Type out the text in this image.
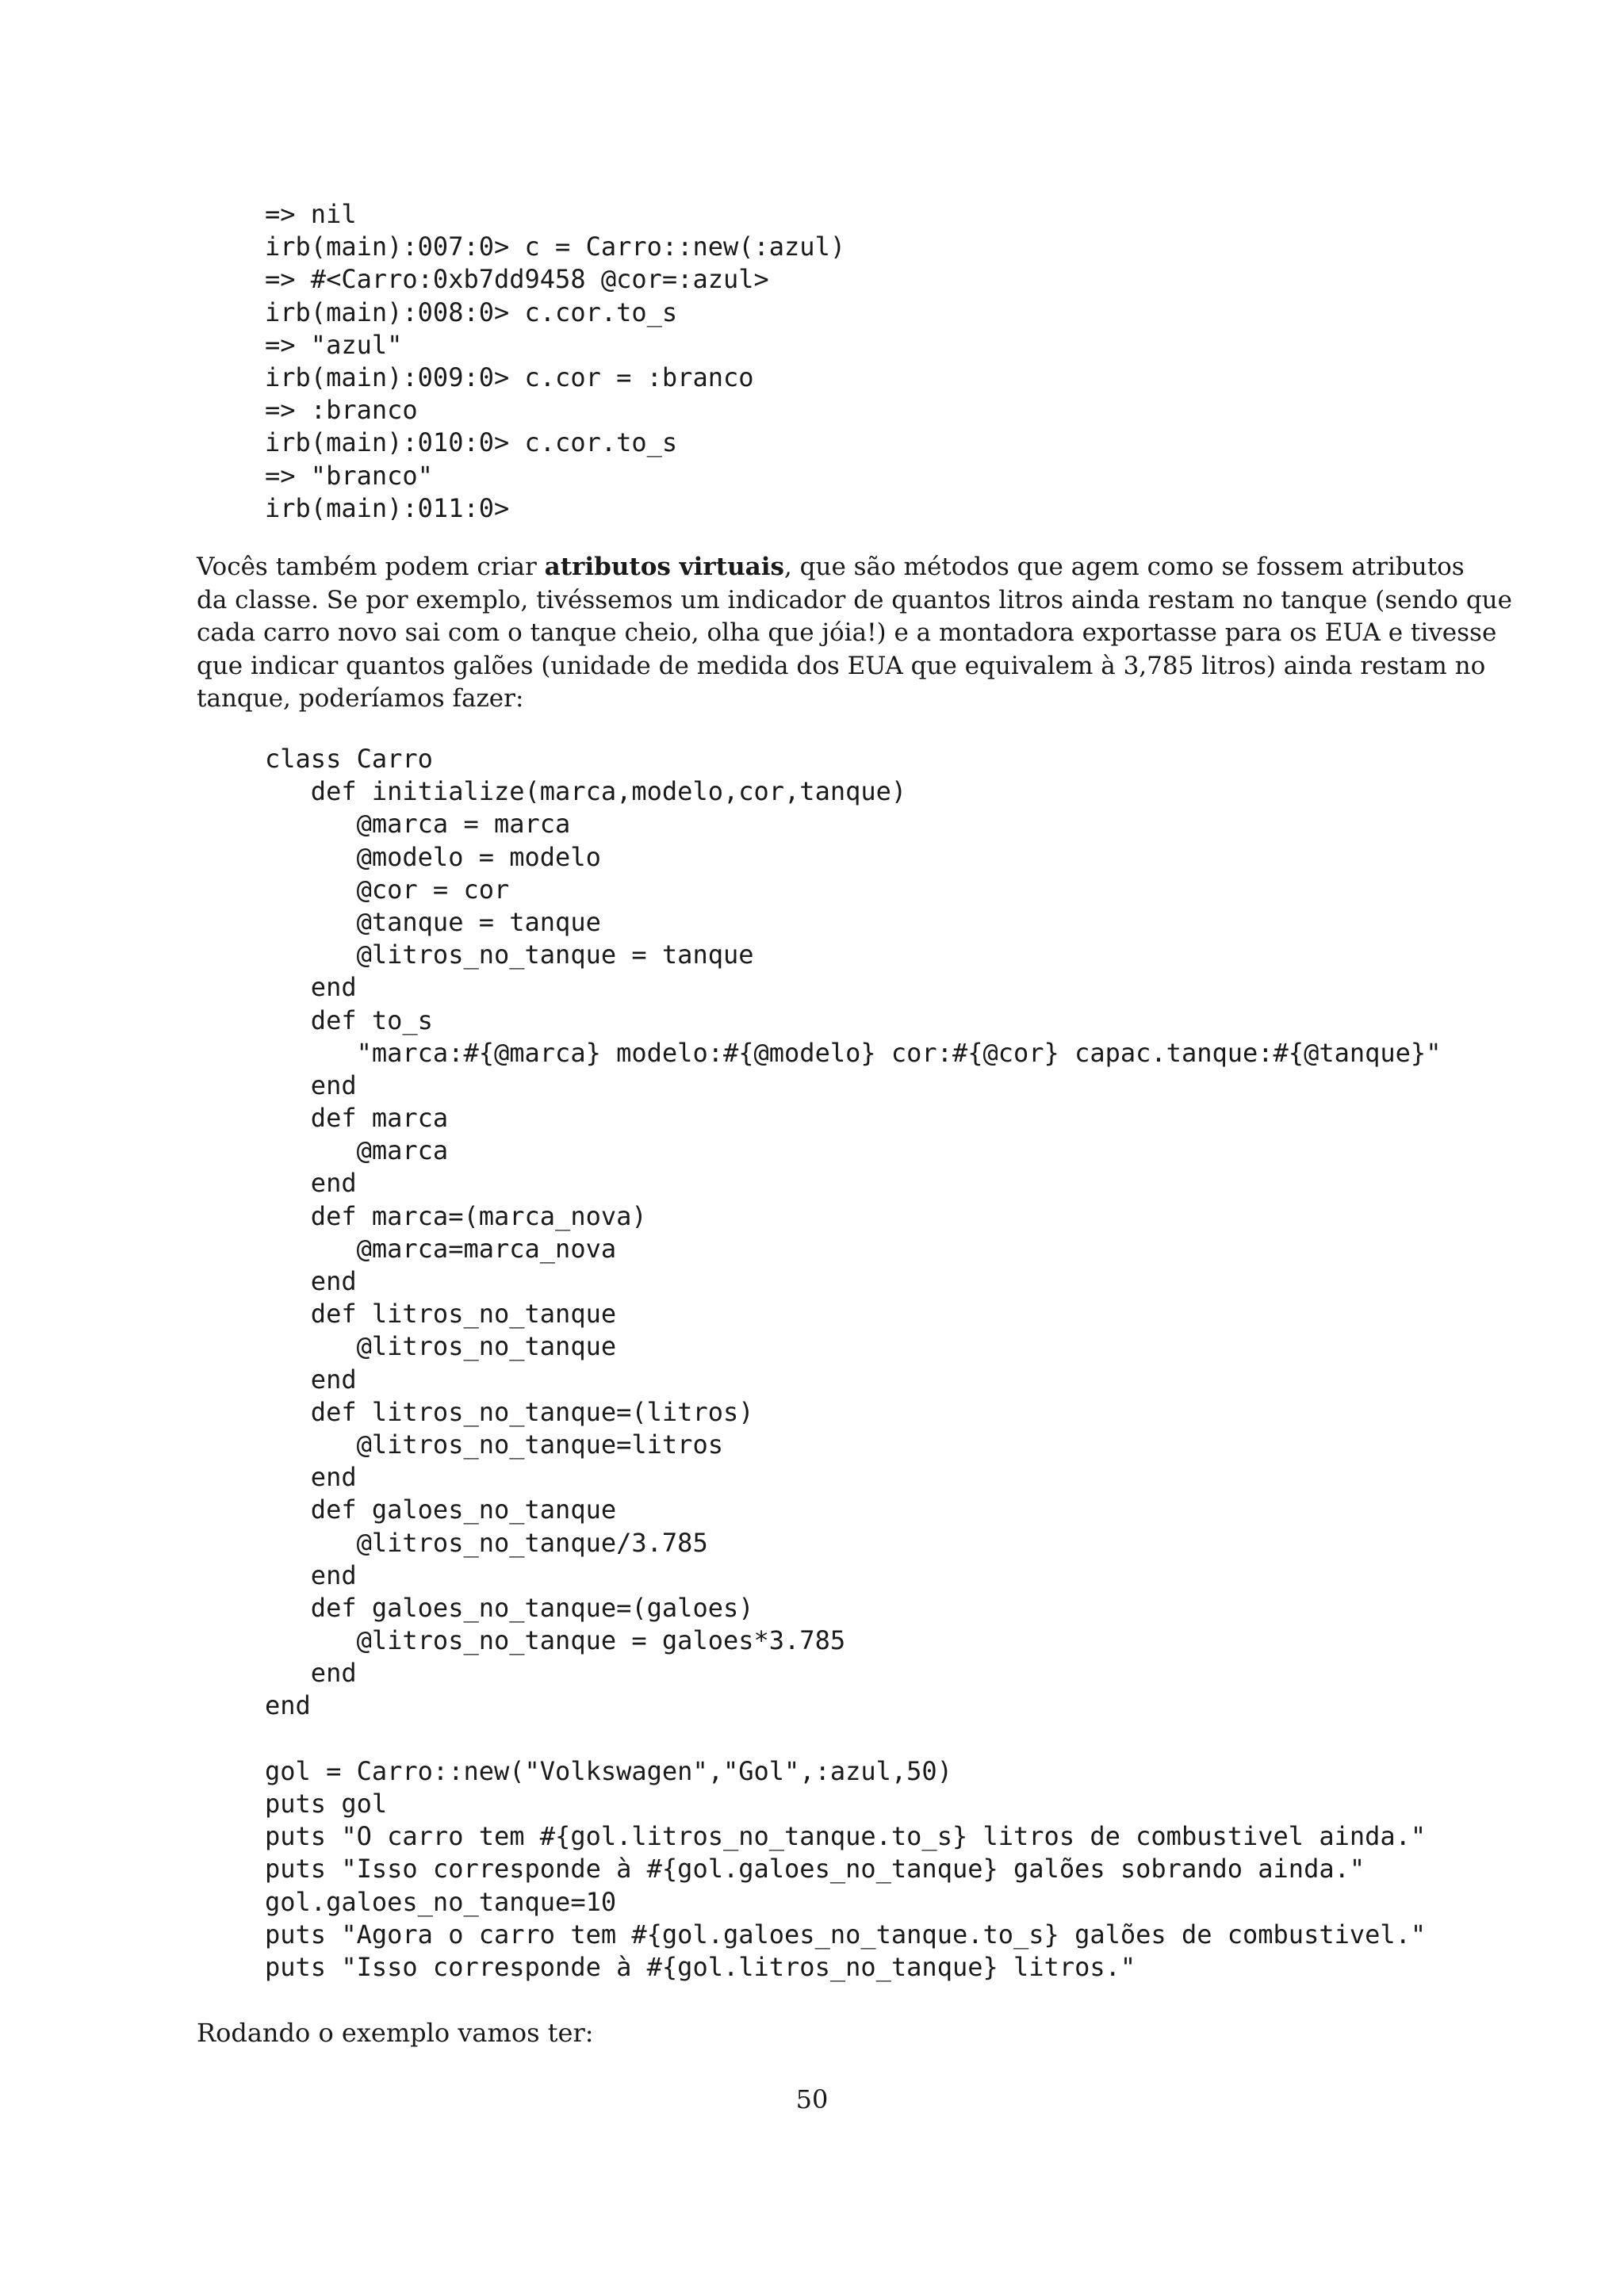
=> nil
irb(main):007:0> c = Carro::new(:azul)
=> #<Carro:0xb7dd9458 @cor=:azul>
irb(main):008:0> c.cor.to_s
=> "azul"
irb(main):009:0> c.cor = :branco
=> :branco
irb(main):010:0> c.cor.to_s
=> "branco"
irb(main):011:0>
Vocês também podem criar atributos virtuais, que são métodos que agem como se fossem atributos
da classe. Se por exemplo, tivéssemos um indicador de quantos litros ainda restam no tanque (sendo que
cada carro novo sai com o tanque cheio, olha que jóia!) e a montadora exportasse para os EUA e tivesse
que indicar quantos galões (unidade de medida dos EUA que equivalem à 3,785 litros) ainda restam no
tanque, poderíamos fazer:
class Carro
def initialize(marca,modelo,cor,tanque)
@marca = marca
@modelo = modelo
@cor = cor
@tanque = tanque
@litros_no_tanque = tanque
end
def to_s
"marca:#{@marca} modelo:#{@modelo} cor:#{@cor} capac.tanque:#{@tanque}"
end
def marca
@marca
end
def marca=(marca_nova)
@marca=marca_nova
end
def litros_no_tanque
@litros_no_tanque
end
def litros_no_tanque=(litros)
@litros_no_tanque=litros
end
def galoes_no_tanque
@litros_no_tanque/3.785
end
def galoes_no_tanque=(galoes)
@litros_no_tanque = galoes*3.785
end
end
gol = Carro::new("Volkswagen","Gol",:azul,50)
puts gol
puts "O carro tem #{gol.litros_no_tanque.to_s} litros de combustivel ainda."
puts "Isso corresponde à #{gol.galoes_no_tanque} galões sobrando ainda."
gol.galoes_no_tanque=10
puts "Agora o carro tem #{gol.galoes_no_tanque.to_s} galões de combustivel."
puts "Isso corresponde à #{gol.litros_no_tanque} litros."

Rodando o exemplo vamos ter:

50
